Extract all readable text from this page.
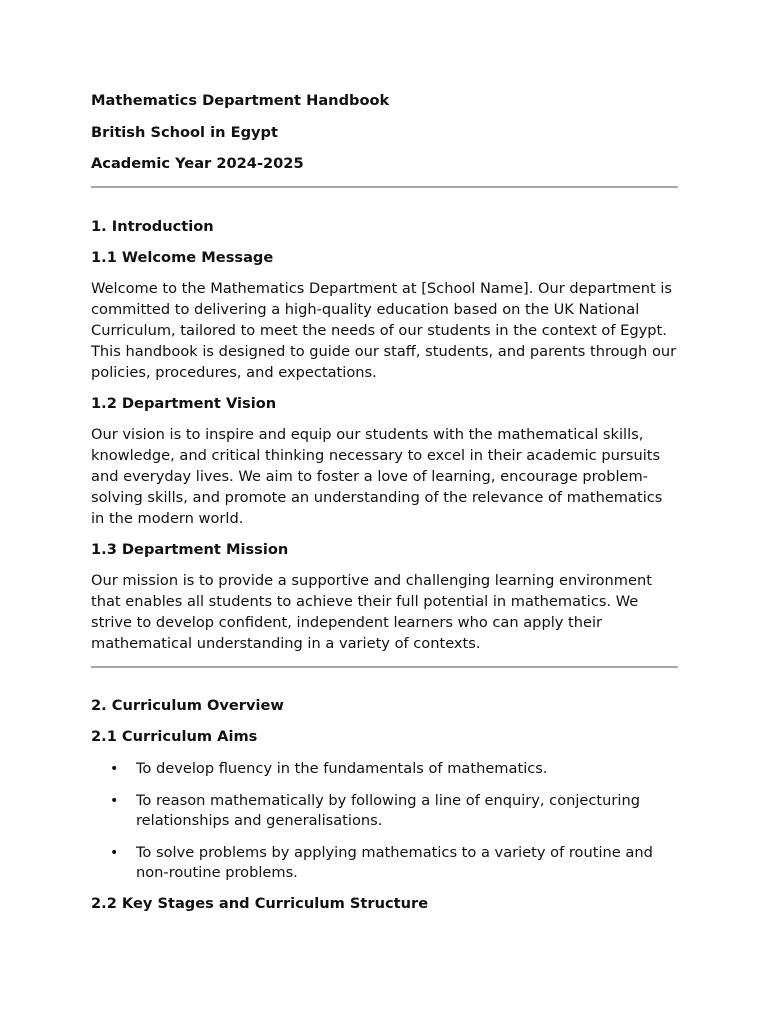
Mathematics Department Handbook

British School in Egypt

Academic Year 2024-2025

1. Introduction

1.1 Welcome Message

Welcome to the Mathematics Department at [School Name]. Our department is committed to delivering a high-quality education based on the UK National Curriculum, tailored to meet the needs of our students in the context of Egypt. This handbook is designed to guide our staff, students, and parents through our policies, procedures, and expectations.

1.2 Department Vision

Our vision is to inspire and equip our students with the mathematical skills, knowledge, and critical thinking necessary to excel in their academic pursuits and everyday lives. We aim to foster a love of learning, encourage problem-solving skills, and promote an understanding of the relevance of mathematics in the modern world.

1.3 Department Mission

Our mission is to provide a supportive and challenging learning environment that enables all students to achieve their full potential in mathematics. We strive to develop confident, independent learners who can apply their mathematical understanding in a variety of contexts.

2. Curriculum Overview

2.1 Curriculum Aims

• To develop fluency in the fundamentals of mathematics.
• To reason mathematically by following a line of enquiry, conjecturing relationships and generalisations.
• To solve problems by applying mathematics to a variety of routine and non-routine problems.

2.2 Key Stages and Curriculum Structure
